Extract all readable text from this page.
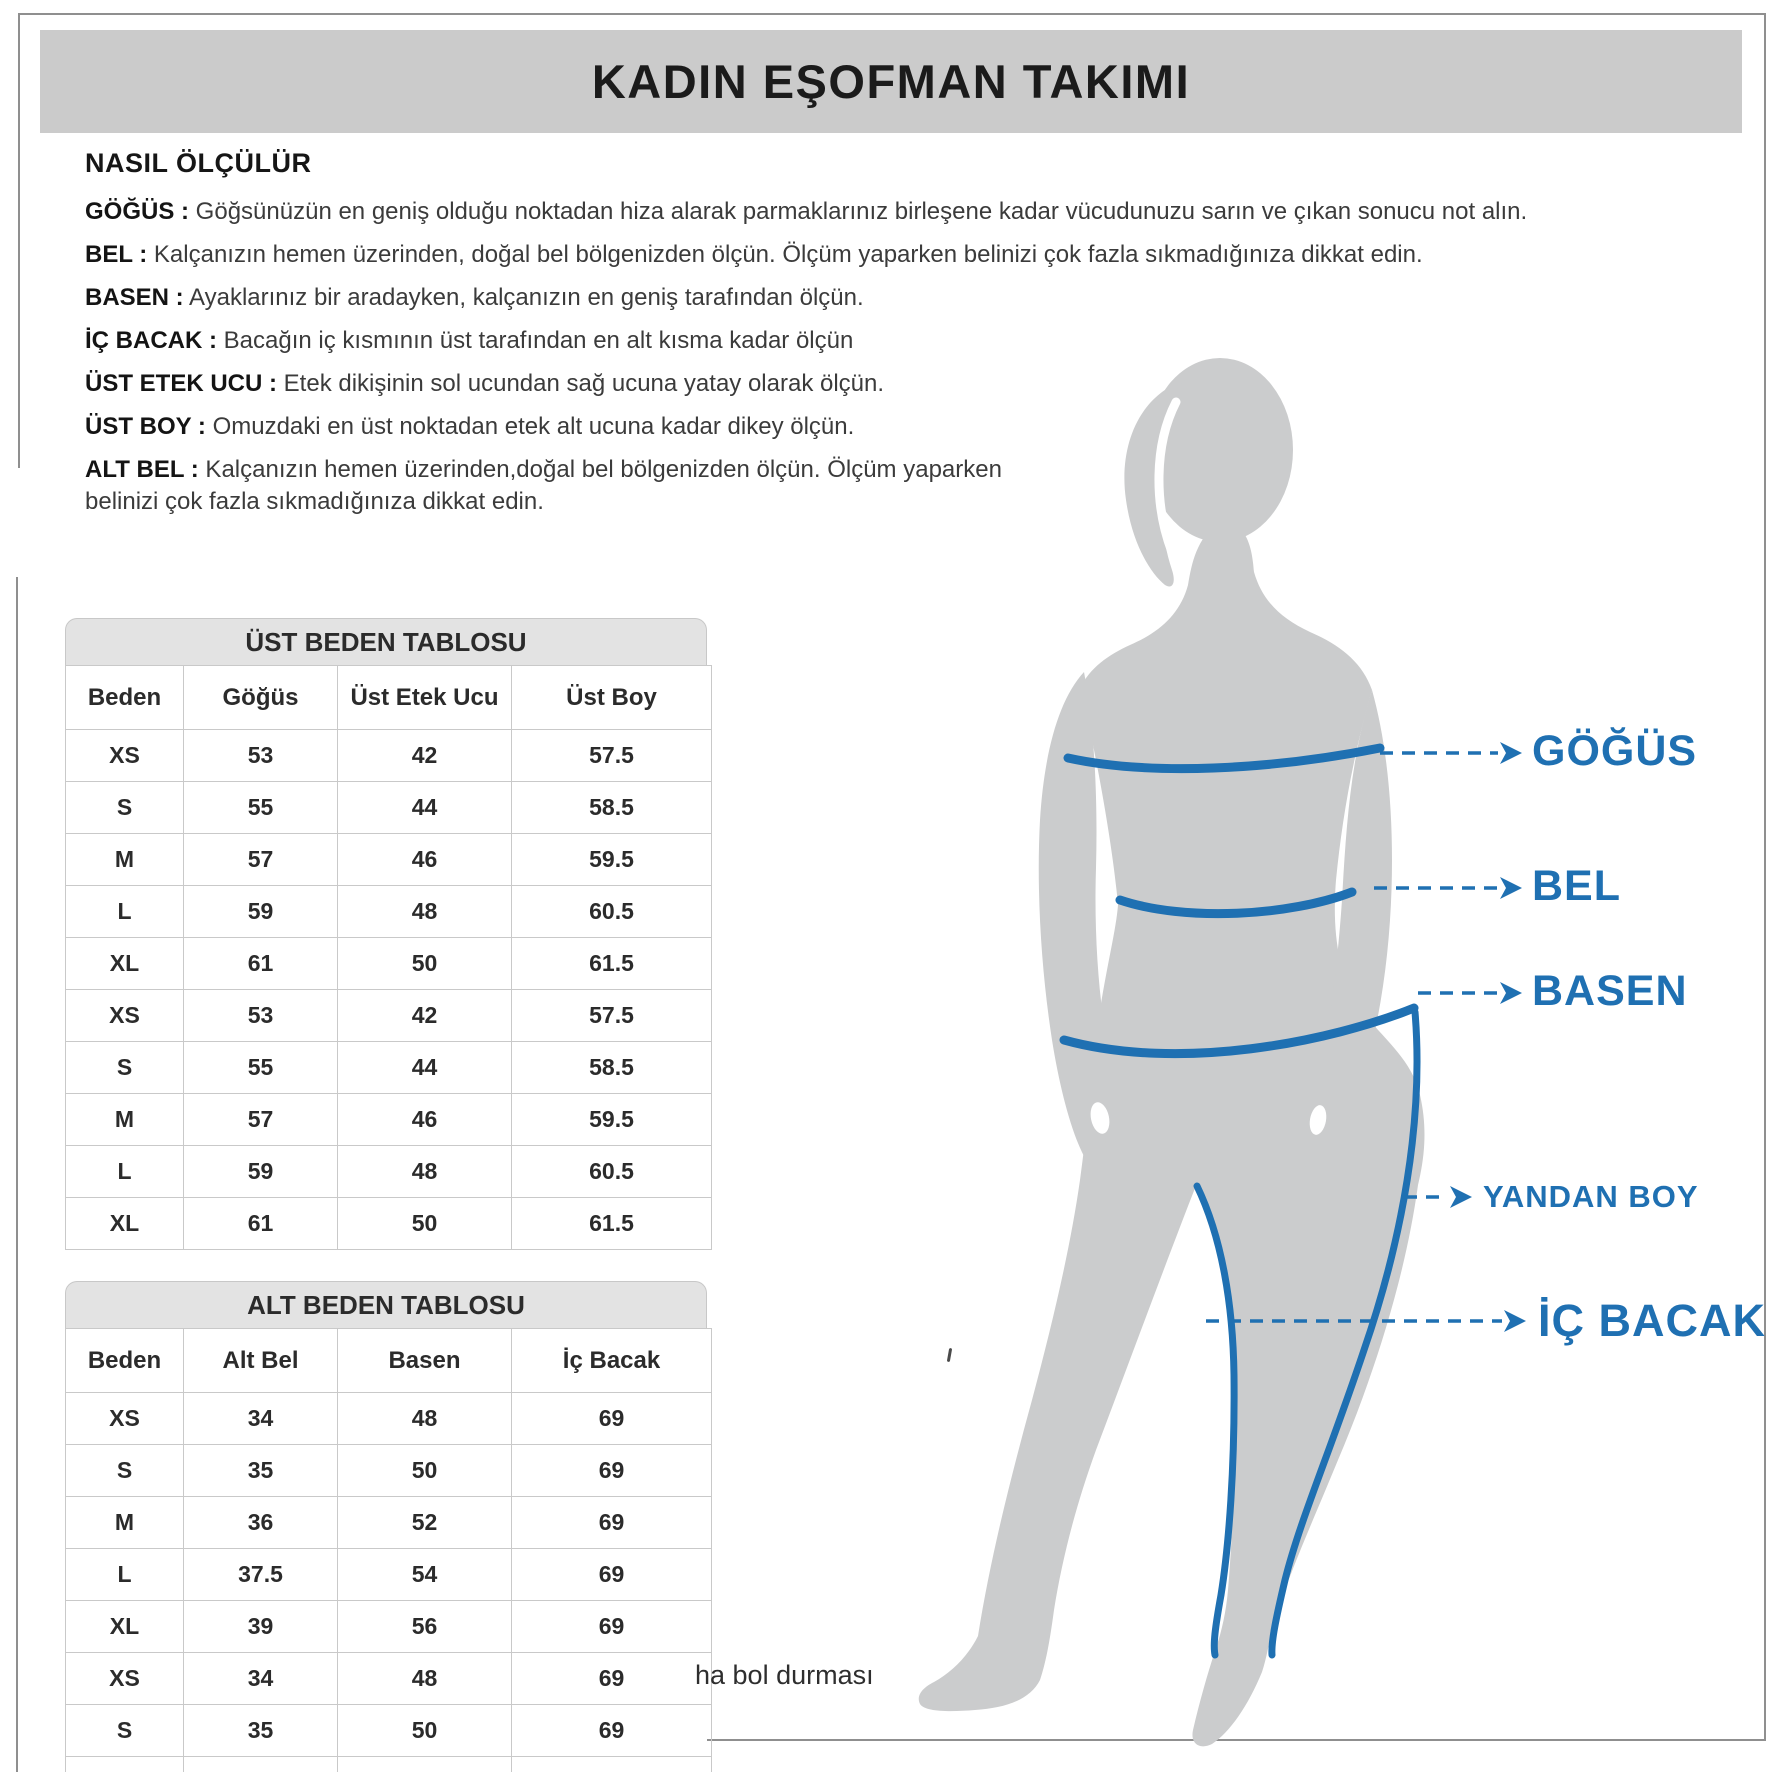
KADIN EŞOFMAN TAKIMI
NASIL ÖLÇÜLÜR
GÖĞÜS : Göğsünüzün en geniş olduğu noktadan hiza alarak parmaklarınız birleşene kadar vücudunuzu sarın ve çıkan sonucu not alın.
BEL : Kalçanızın hemen üzerinden, doğal bel bölgenizden ölçün. Ölçüm yaparken belinizi çok fazla sıkmadığınıza dikkat edin.
BASEN : Ayaklarınız bir aradayken, kalçanızın en geniş tarafından ölçün.
İÇ BACAK : Bacağın iç kısmının üst tarafından en alt kısma kadar ölçün
ÜST ETEK UCU : Etek dikişinin sol ucundan sağ ucuna yatay olarak ölçün.
ÜST BOY : Omuzdaki en üst noktadan etek alt ucuna kadar dikey ölçün.
ALT BEL : Kalçanızın hemen üzerinden,doğal bel bölgenizden ölçün. Ölçüm yaparken belinizi çok fazla sıkmadığınıza dikkat edin.
GÖĞÜS
BEL
BASEN
YANDAN BOY
İÇ BACAK
ÜST BEDEN TABLOSU
Beden	Göğüs	Üst Etek Ucu	Üst Boy
XS	53	42	57.5
S	55	44	58.5
M	57	46	59.5
L	59	48	60.5
XL	61	50	61.5
XS	53	42	57.5
S	55	44	58.5
M	57	46	59.5
L	59	48	60.5
XL	61	50	61.5
ALT BEDEN TABLOSU
Beden	Alt Bel	Basen	İç Bacak
XS	34	48	69
S	35	50	69
M	36	52	69
L	37.5	54	69
XL	39	56	69
XS	34	48	69
S	35	50	69

ha bol durması
